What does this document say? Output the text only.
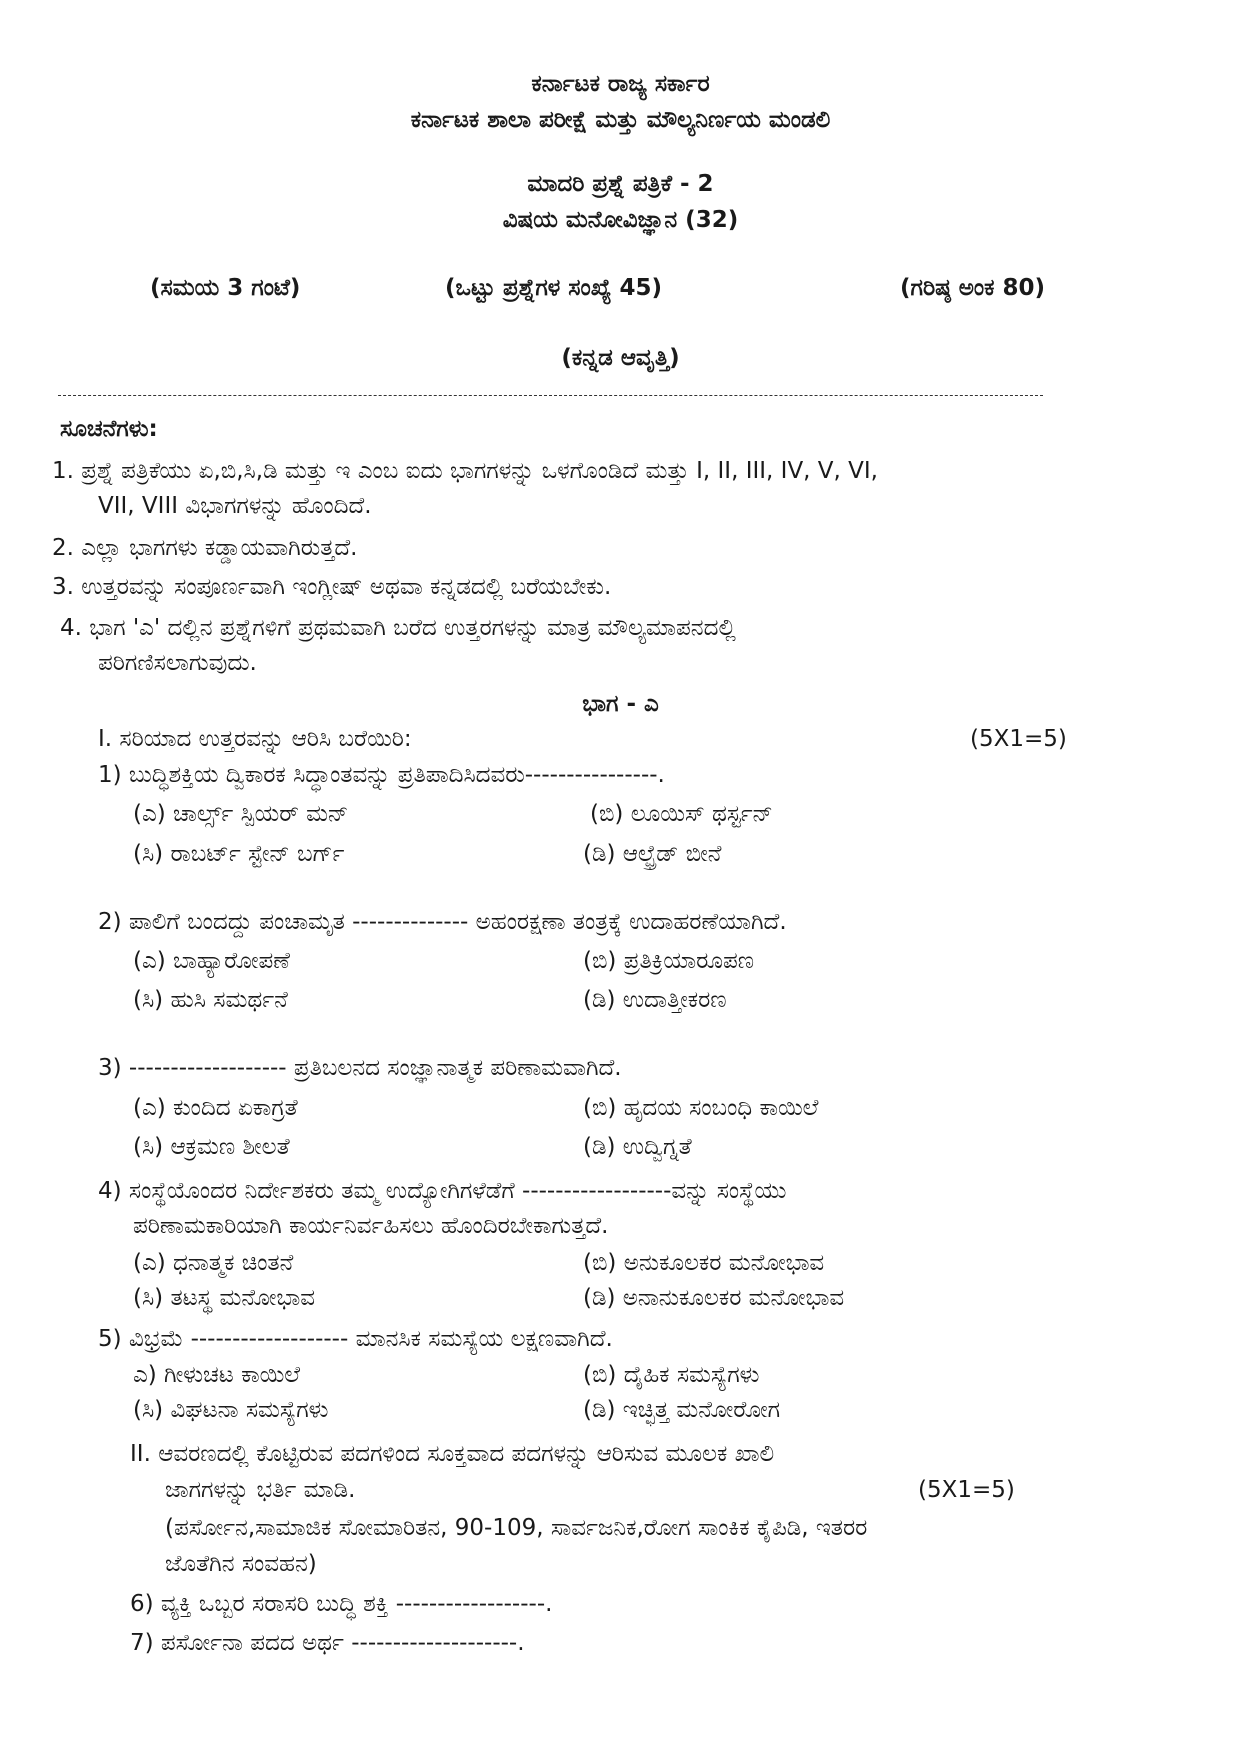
ಕರ್ನಾಟಕ ರಾಜ್ಯ ಸರ್ಕಾರ
ಕರ್ನಾಟಕ ಶಾಲಾ ಪರೀಕ್ಷೆ ಮತ್ತು ಮೌಲ್ಯನಿರ್ಣಯ ಮಂಡಲಿ
ಮಾದರಿ ಪ್ರಶ್ನೆ ಪತ್ರಿಕೆ - 2
ವಿಷಯ ಮನೋವಿಜ್ಞಾನ (32)
(ಸಮಯ 3 ಗಂಟೆ)	(ಒಟ್ಟು ಪ್ರಶ್ನೆಗಳ ಸಂಖ್ಯೆ 45)	(ಗರಿಷ್ಠ ಅಂಕ 80)
(ಕನ್ನಡ ಆವೃತ್ತಿ)
ಸೂಚನೆಗಳು:
1. ಪ್ರಶ್ನೆ ಪತ್ರಿಕೆಯು ಏ,ಬಿ,ಸಿ,ಡಿ ಮತ್ತು ಇ ಎಂಬ ಐದು ಭಾಗಗಳನ್ನು ಒಳಗೊಂಡಿದೆ ಮತ್ತು I, II, III, IV, V, VI,
VII, VIII ವಿಭಾಗಗಳನ್ನು ಹೊಂದಿದೆ.
2. ಎಲ್ಲಾ ಭಾಗಗಳು ಕಡ್ಡಾಯವಾಗಿರುತ್ತದೆ.
3. ಉತ್ತರವನ್ನು ಸಂಪೂರ್ಣವಾಗಿ ಇಂಗ್ಲೀಷ್ ಅಥವಾ ಕನ್ನಡದಲ್ಲಿ ಬರೆಯಬೇಕು.
4. ಭಾಗ 'ಎ' ದಲ್ಲಿನ ಪ್ರಶ್ನೆಗಳಿಗೆ ಪ್ರಥಮವಾಗಿ ಬರೆದ ಉತ್ತರಗಳನ್ನು ಮಾತ್ರ ಮೌಲ್ಯಮಾಪನದಲ್ಲಿ
ಪರಿಗಣಿಸಲಾಗುವುದು.
ಭಾಗ - ಎ
I. ಸರಿಯಾದ ಉತ್ತರವನ್ನು ಆರಿಸಿ ಬರೆಯಿರಿ:	(5X1=5)
1) ಬುದ್ಧಿಶಕ್ತಿಯ ದ್ವಿಕಾರಕ ಸಿದ್ಧಾಂತವನ್ನು ಪ್ರತಿಪಾದಿಸಿದವರು----------------.
(ಎ) ಚಾರ್ಲ್ಸ್ ಸ್ಪಿಯರ್ ಮನ್	(ಬಿ) ಲೂಯಿಸ್ ಥರ್ಸ್ಟನ್
(ಸಿ) ರಾಬರ್ಟ್ ಸ್ಟೇನ್ ಬರ್ಗ್	(ಡಿ) ಆಲ್ಫ್ರೆಡ್ ಬೀನೆ
2) ಪಾಲಿಗೆ ಬಂದದ್ದು ಪಂಚಾಮೃತ -------------- ಅಹಂರಕ್ಷಣಾ ತಂತ್ರಕ್ಕೆ ಉದಾಹರಣೆಯಾಗಿದೆ.
(ಎ) ಬಾಹ್ಯಾರೋಪಣೆ	(ಬಿ) ಪ್ರತಿಕ್ರಿಯಾರೂಪಣ
(ಸಿ) ಹುಸಿ ಸಮರ್ಥನೆ	(ಡಿ) ಉದಾತ್ತೀಕರಣ
3) ------------------- ಪ್ರತಿಬಲನದ ಸಂಜ್ಞಾನಾತ್ಮಕ ಪರಿಣಾಮವಾಗಿದೆ.
(ಎ) ಕುಂದಿದ ಏಕಾಗ್ರತೆ	(ಬಿ) ಹೃದಯ ಸಂಬಂಧಿ ಕಾಯಿಲೆ
(ಸಿ) ಆಕ್ರಮಣ ಶೀಲತೆ	(ಡಿ) ಉದ್ವಿಗ್ನತೆ
4) ಸಂಸ್ಥೆಯೊಂದರ ನಿರ್ದೇಶಕರು ತಮ್ಮ ಉದ್ಯೋಗಿಗಳೆಡೆಗೆ ------------------ವನ್ನು ಸಂಸ್ಥೆಯು
ಪರಿಣಾಮಕಾರಿಯಾಗಿ ಕಾರ್ಯನಿರ್ವಹಿಸಲು ಹೊಂದಿರಬೇಕಾಗುತ್ತದೆ.
(ಎ) ಧನಾತ್ಮಕ ಚಿಂತನೆ	(ಬಿ) ಅನುಕೂಲಕರ ಮನೋಭಾವ
(ಸಿ) ತಟಸ್ಥ ಮನೋಭಾವ	(ಡಿ) ಅನಾನುಕೂಲಕರ ಮನೋಭಾವ
5) ವಿಭ್ರಮೆ ------------------- ಮಾನಸಿಕ ಸಮಸ್ಯೆಯ ಲಕ್ಷಣವಾಗಿದೆ.
ಎ) ಗೀಳುಚಟ ಕಾಯಿಲೆ	(ಬಿ) ದೈಹಿಕ ಸಮಸ್ಯೆಗಳು
(ಸಿ) ವಿಘಟನಾ ಸಮಸ್ಯೆಗಳು	(ಡಿ) ಇಚ್ಛಿತ್ತ ಮನೋರೋಗ
II. ಆವರಣದಲ್ಲಿ ಕೊಟ್ಟಿರುವ ಪದಗಳಿಂದ ಸೂಕ್ತವಾದ ಪದಗಳನ್ನು ಆರಿಸುವ ಮೂಲಕ ಖಾಲಿ
ಜಾಗಗಳನ್ನು ಭರ್ತಿ ಮಾಡಿ.	(5X1=5)
(ಪರ್ಸೋನ,ಸಾಮಾಜಿಕ ಸೋಮಾರಿತನ, 90-109, ಸಾರ್ವಜನಿಕ,ರೋಗ ಸಾಂಕಿಕ ಕೈಪಿಡಿ, ಇತರರ
ಜೊತೆಗಿನ ಸಂವಹನ)
6) ವ್ಯಕ್ತಿ ಒಬ್ಬರ ಸರಾಸರಿ ಬುದ್ಧಿ ಶಕ್ತಿ ------------------.
7) ಪರ್ಸೋನಾ ಪದದ ಅರ್ಥ --------------------.
